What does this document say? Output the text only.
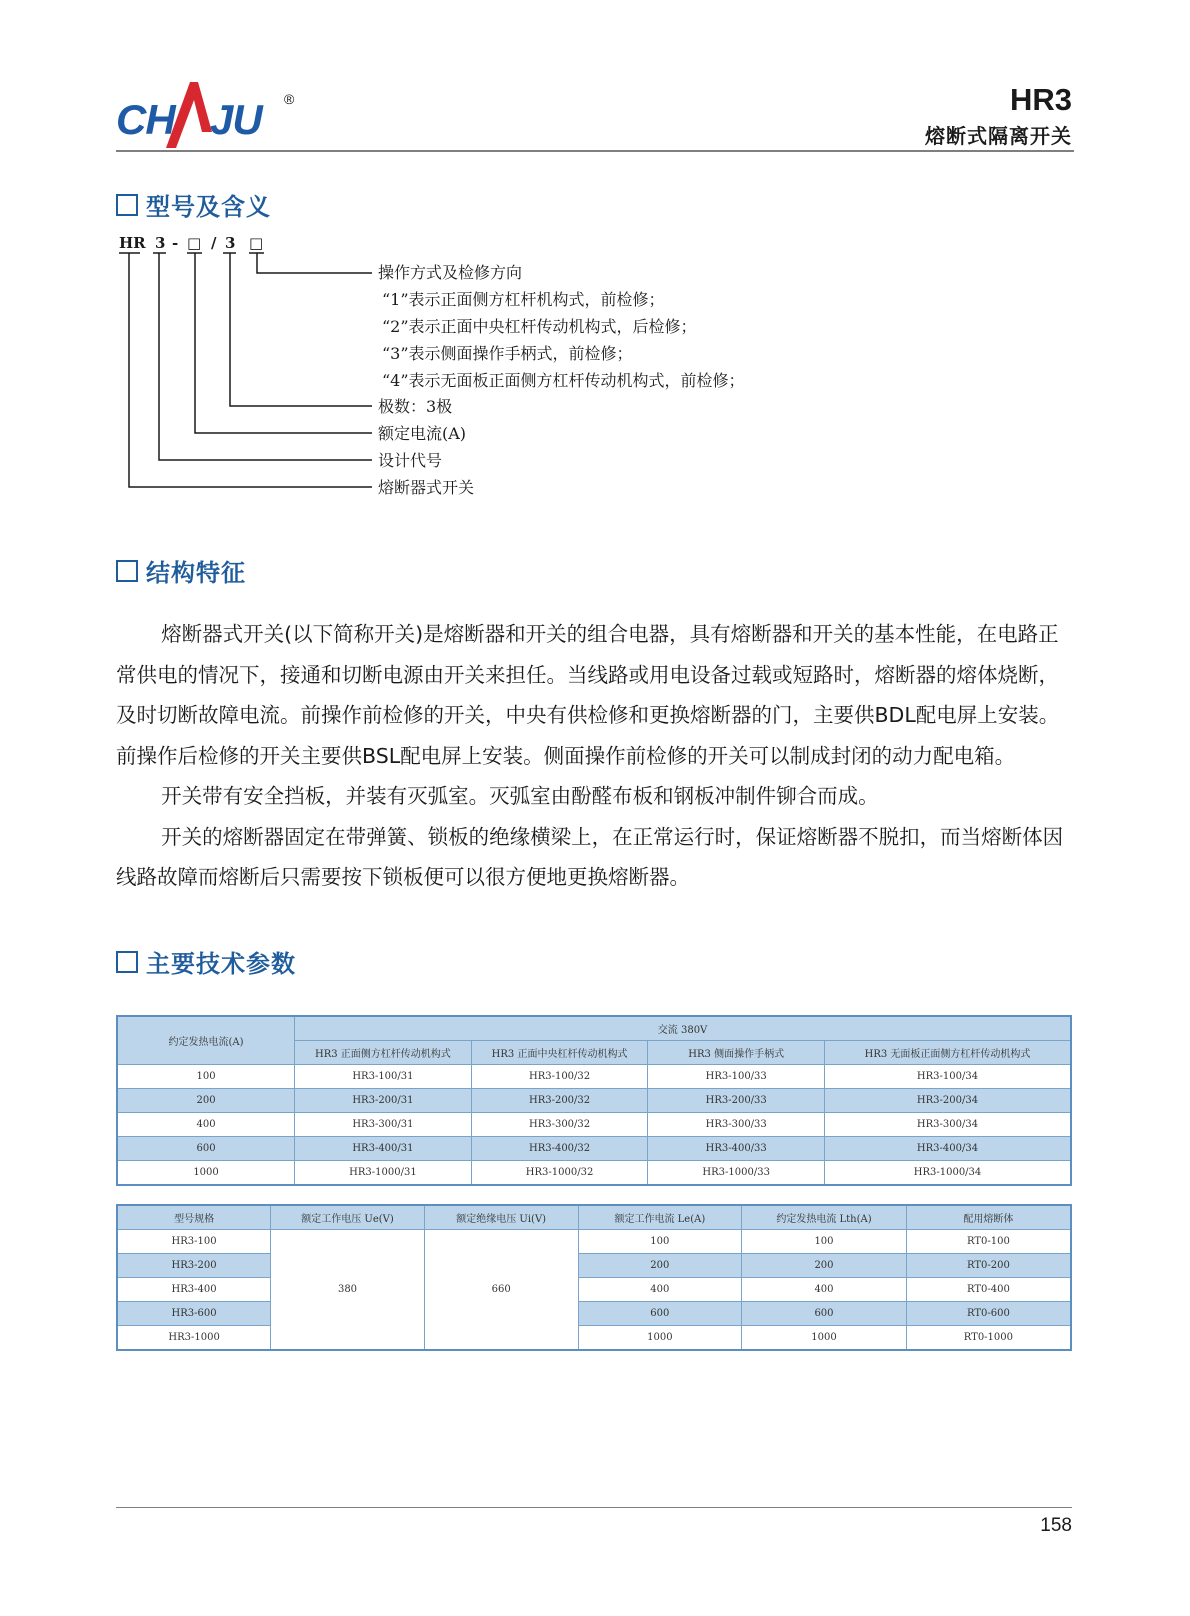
CH JU ®	HR3
熔断式隔离开关
型号及含义
HR 3 - □ / 3 □
操作方式及检修方向
“1”表示正面侧方杠杆机构式，前检修；
“2”表示正面中央杠杆传动机构式，后检修；
“3”表示侧面操作手柄式，前检修；
“4”表示无面板正面侧方杠杆传动机构式，前检修；
极数：3极
额定电流(A)
设计代号
熔断器式开关
结构特征

熔断器式开关(以下简称开关)是熔断器和开关的组合电器，具有熔断器和开关的基本性能，在电路正常供电的情况下，接通和切断电源由开关来担任。当线路或用电设备过载或短路时，熔断器的熔体烧断，及时切断故障电流。前操作前检修的开关，中央有供检修和更换熔断器的门，主要供BDL配电屏上安装。前操作后检修的开关主要供BSL配电屏上安装。侧面操作前检修的开关可以制成封闭的动力配电箱。

开关带有安全挡板，并装有灭弧室。灭弧室由酚醛布板和钢板冲制件铆合而成。

开关的熔断器固定在带弹簧、锁板的绝缘横梁上，在正常运行时，保证熔断器不脱扣，而当熔断体因线路故障而熔断后只需要按下锁板便可以很方便地更换熔断器。

主要技术参数
约定发热电流(A)	交流 380V			
	HR3 正面侧方杠杆传动机构式	HR3 正面中央杠杆传动机构式	HR3 侧面操作手柄式	HR3 无面板正面侧方杠杆传动机构式
100	HR3-100/31	HR3-100/32	HR3-100/33	HR3-100/34
200	HR3-200/31	HR3-200/32	HR3-200/33	HR3-200/34
400	HR3-300/31	HR3-300/32	HR3-300/33	HR3-300/34
600	HR3-400/31	HR3-400/32	HR3-400/33	HR3-400/34
1000	HR3-1000/31	HR3-1000/32	HR3-1000/33	HR3-1000/34
型号规格	额定工作电压 Ue(V)	额定绝缘电压 Ui(V)	额定工作电流 Le(A)	约定发热电流 Lth(A)	配用熔断体
HR3-100	380	660	100	100	RT0-100
HR3-200			200	200	RT0-200
HR3-400			400	400	RT0-400
HR3-600			600	600	RT0-600
HR3-1000			1000	1000	RT0-1000
158
